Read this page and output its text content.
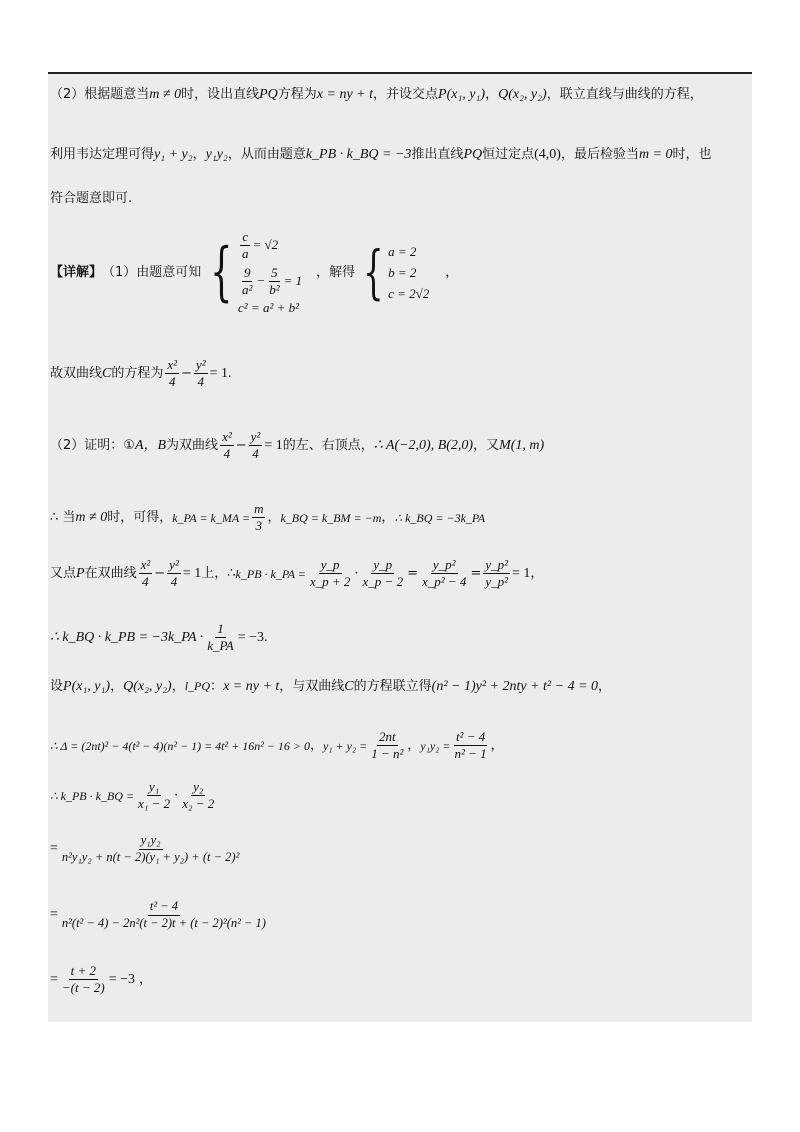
（2）根据题意当m ≠ 0时，设出直线PQ方程为x = ny + t，并设交点P(x₁, y₁)，Q(x₂, y₂)，联立直线与曲线的方程，
利用韦达定理可得y₁ + y₂，y₁y₂，从而由题意k_PB · k_BQ = −3推出直线PQ恒过定点(4,0)，最后检验当m = 0时，也
符合题意即可.
【详解】 （1）由题意可知 { $\frac{c}{a} = √2$
$\frac{9}{\text{a²}} - \frac{5}{\text{b²}} = 1$
c² = a² + b²
，解得 { a = 2
b = 2
c = 2√2
，
故双曲线 C 的方程为 $\frac{\text{x²}}{4} - \frac{\text{y²}}{4} = 1$ .
（2）证明：① A，B 为双曲线 $\frac{\text{x²}}{4} - \frac{\text{y²}}{4} = 1$ 的左、右顶点， ∴ A(−2,0), B(2,0) ，又 M(1, m)
∴ 当 m ≠ 0 时，可得， k_PA = k_MA = $\frac{m}{3}$ ， k_BQ = k_BM = −m ， ∴ k_BQ = −3k_PA
又点 P 在双曲线 $\frac{\text{x²}}{4} - \frac{\text{y²}}{4} = 1$ 上，∴ k_PB · k_PA = $\frac{y\_p}{x\_p + 2} \cdot \frac{y\_p}{x\_p - 2} = \frac{\text{y\_p²}}{\text{x\_p² − 4}} = \frac{\text{y\_p²}}{\text{y\_p²}} = 1$ ，
∴ k_BQ · k_PB = −3k_PA · $\frac{1}{k\_PA} = -3$ .
设P(x₁, y₁)，Q(x₂, y₂)，l_PQ：x = ny + t，与双曲线C的方程联立得(n² − 1)y² + 2nty + t² − 4 = 0，
∴ Δ = (2nt)² − 4(t² − 4)(n² − 1) = 4t² + 16n² − 16 > 0 ， $y_1 + y_2 = \frac{2nt}{\text{1 − n²}}$ ， $y_1y_2 = \frac{\text{t² − 4}}{\text{n² − 1}}$ ，
∴ k_PB · k_BQ = $\frac{\text{y₁}}{\text{x₁ − 2}} \cdot \frac{\text{y₂}}{\text{x₂ − 2}}$
= $\frac{\text{y₁y₂}}{\text{n²y₁y₂ + n(t − 2)(y₁ + y₂) + (t − 2)²}}$
= $\frac{\text{t² − 4}}{\text{n²(t² − 4) − 2n²(t − 2)t + (t − 2)²(n² − 1)}}$
= $\frac{t + 2}{-(t - 2)} = -3$ ，
